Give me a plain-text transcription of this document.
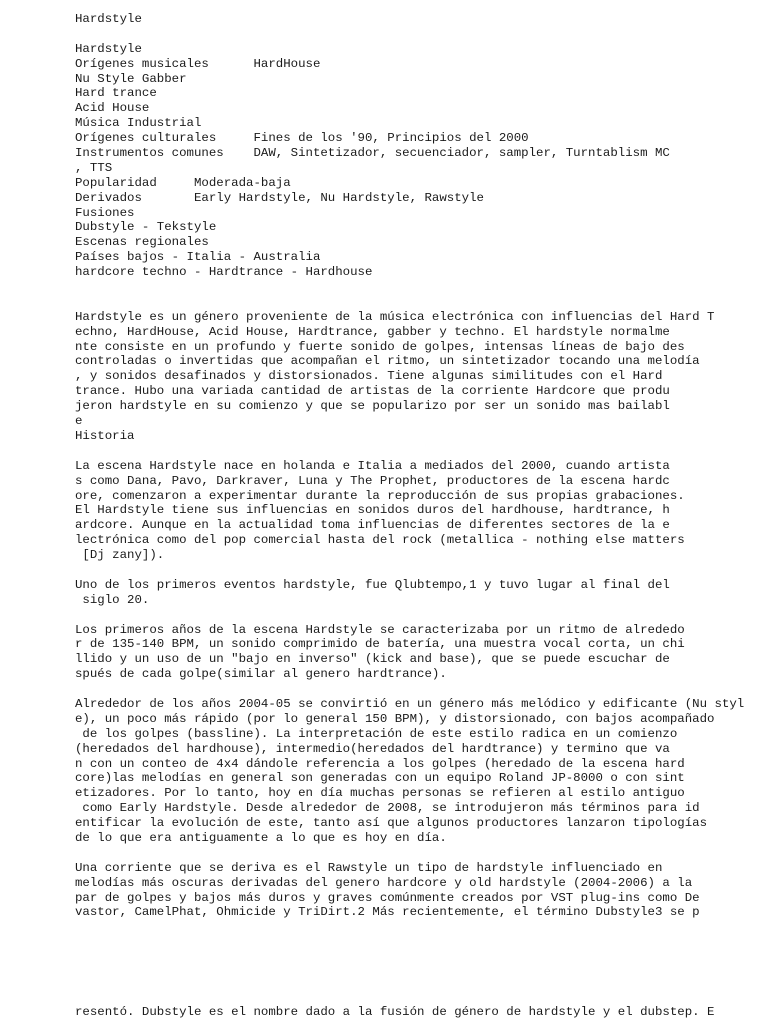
Hardstyle
Hardstyle
Orígenes musicales      HardHouse
Nu Style Gabber
Hard trance
Acid House
Música Industrial
Orígenes culturales     Fines de los '90, Principios del 2000
Instrumentos comunes    DAW, Sintetizador, secuenciador, sampler, Turntablism MC
, TTS
Popularidad     Moderada-baja
Derivados       Early Hardstyle, Nu Hardstyle, Rawstyle
Fusiones
Dubstyle - Tekstyle
Escenas regionales
Países bajos - Italia - Australia
hardcore techno - Hardtrance - Hardhouse
Hardstyle es un género proveniente de la música electrónica con influencias del Hard T
echno, HardHouse, Acid House, Hardtrance, gabber y techno. El hardstyle normalme
nte consiste en un profundo y fuerte sonido de golpes, intensas líneas de bajo des
controladas o invertidas que acompañan el ritmo, un sintetizador tocando una melodía
, y sonidos desafinados y distorsionados. Tiene algunas similitudes con el Hard
trance. Hubo una variada cantidad de artistas de la corriente Hardcore que produ
jeron hardstyle en su comienzo y que se popularizo por ser un sonido mas bailabl
e
Historia
La escena Hardstyle nace en holanda e Italia a mediados del 2000, cuando artista
s como Dana, Pavo, Darkraver, Luna y The Prophet, productores de la escena hardc
ore, comenzaron a experimentar durante la reproducción de sus propias grabaciones.
El Hardstyle tiene sus influencias en sonidos duros del hardhouse, hardtrance, h
ardcore. Aunque en la actualidad toma influencias de diferentes sectores de la e
lectrónica como del pop comercial hasta del rock (metallica - nothing else matters
[Dj zany]).
Uno de los primeros eventos hardstyle, fue Qlubtempo,1 y tuvo lugar al final del
siglo 20.
Los primeros años de la escena Hardstyle se caracterizaba por un ritmo de alrededo
r de 135-140 BPM, un sonido comprimido de batería, una muestra vocal corta, un chi
llido y un uso de un "bajo en inverso" (kick and base), que se puede escuchar de
spués de cada golpe(similar al genero hardtrance).
Alrededor de los años 2004-05 se convirtió en un género más melódico y edificante (Nu styl
e), un poco más rápido (por lo general 150 BPM), y distorsionado, con bajos acompañado
de los golpes (bassline). La interpretación de este estilo radica en un comienzo
(heredados del hardhouse), intermedio(heredados del hardtrance) y termino que va
n con un conteo de 4x4 dándole referencia a los golpes (heredado de la escena hard
core)las melodías en general son generadas con un equipo Roland JP-8000 o con sint
etizadores. Por lo tanto, hoy en día muchas personas se refieren al estilo antiguo
como Early Hardstyle. Desde alrededor de 2008, se introdujeron más términos para id
entificar la evolución de este, tanto así que algunos productores lanzaron tipologías
de lo que era antiguamente a lo que es hoy en día.
Una corriente que se deriva es el Rawstyle un tipo de hardstyle influenciado en
melodías más oscuras derivadas del genero hardcore y old hardstyle (2004-2006) a la
par de golpes y bajos más duros y graves comúnmente creados por VST plug-ins como De
vastor, CamelPhat, Ohmicide y TriDirt.2 Más recientemente, el término Dubstyle3 se p
resentó. Dubstyle es el nombre dado a la fusión de género de hardstyle y el dubstep. E
